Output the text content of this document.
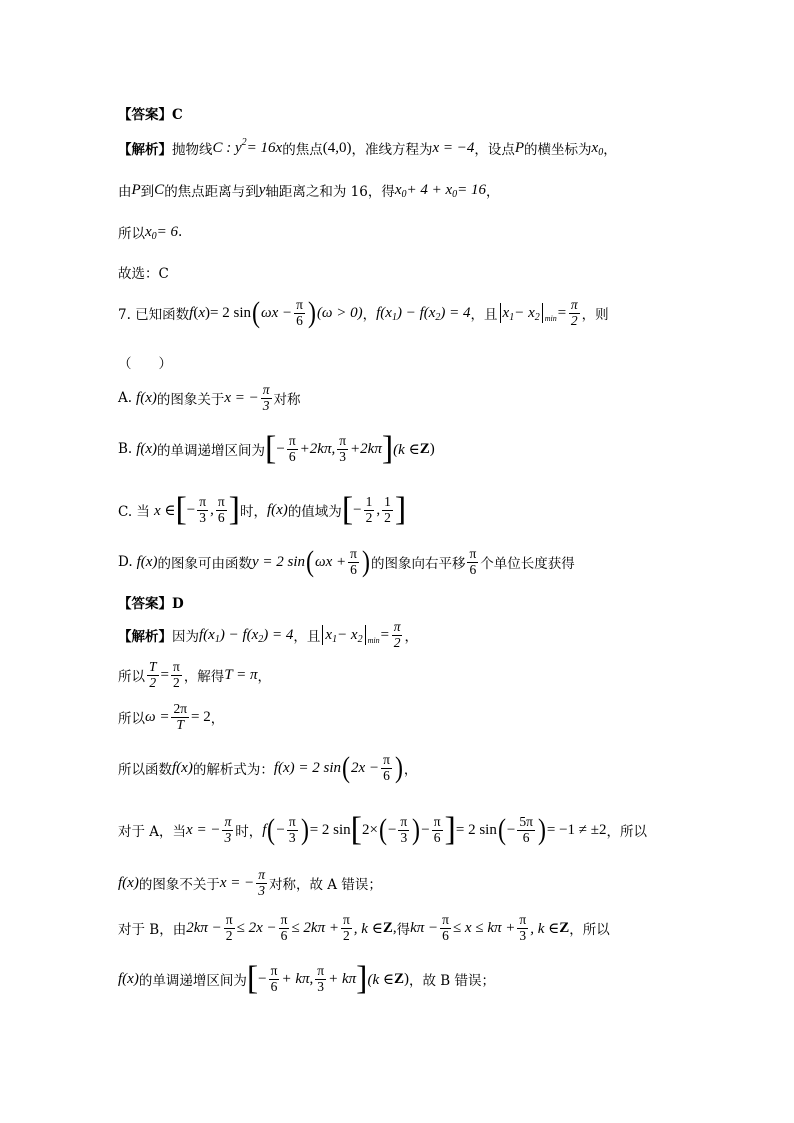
【答案】C
【解析】 抛物线 C : y 2 = 16x 的焦点 (4,0) ，准线方程为 x = −4 ，设点 P 的横坐标为 x 0 ，
由 P 到 C 的焦点距离与到 y 轴距离之和为 16，得 x 0 + 4 + x 0 = 16 ，
所以 x 0 = 6 .
故选：C
7. 已知函数 f ( x ) = 2 sin ( $\omega x - \frac{\pi}{6}$ ) (ω > 0) ， f(x 1 ) − f(x 2 ) = 4 ，且 x 1 − x 2 $\min = \frac{\pi}{2}$ ，则
（　　）
A. f(x) 的图象关于 x = − $\frac{\pi}{3}$ 对称
B. f(x) 的单调递增区间为 [ − $\frac{\pi}{6} +2k\pi$, $\frac{\pi}{3} +2k\pi$ ] (k ∈ Z )
C. 当 x ∈ [ − $\frac{\pi}{3}$ , $\frac{\pi}{6}$ ] 时， f(x) 的值域为 [ − $\frac{1}{2}$ , $\frac{1}{2}$ ]
D. f(x) 的图象可由函数 y = 2 sin ( $\omega x + \frac{\pi}{6}$ ) 的图象向右平移 $\frac{\pi}{6}$ 个单位长度获得
【答案】D
【解析】 因为 f(x 1 ) − f(x 2 ) = 4 ，且 x 1 − x 2 $\min = \frac{\pi}{2}$ ，
所以 $\frac{T}{2} = \frac{\pi}{2}$ ，解得 T = π ，
所以 $\omega = \frac{2\pi}{T} = 2$ ，
所以函数 f(x) 的解析式为： f(x) = 2 sin ( $2x - \frac{\pi}{6}$ ) ，
对于 A，当 x = − $\frac{\pi}{3}$ 时， f ( − $\frac{\pi}{3}$ ) = 2 sin [ 2× ( − $\frac{\pi}{3}$ ) − $\frac{\pi}{6}$ ] = 2 sin ( − $\frac{5\pi}{6}$ ) = −1 ≠ ±2 ，所以
f(x) 的图象不关于 x = − $\frac{\pi}{3}$ 对称，故 A 错误；
对于 B，由 $2k\pi - \frac{\pi}{2} \le 2x - \frac{\pi}{6} \le 2k\pi + \frac{\pi}{2}$ , k ∈ Z , 得 $k\pi - \frac{\pi}{6} \le x \le k\pi + \frac{\pi}{3}$ , k ∈ Z ，所以
f(x) 的单调递增区间为 [ − $\frac{\pi}{6} + k\pi$, $\frac{\pi}{3} + k\pi$ ] (k ∈ Z ) ，故 B 错误；
